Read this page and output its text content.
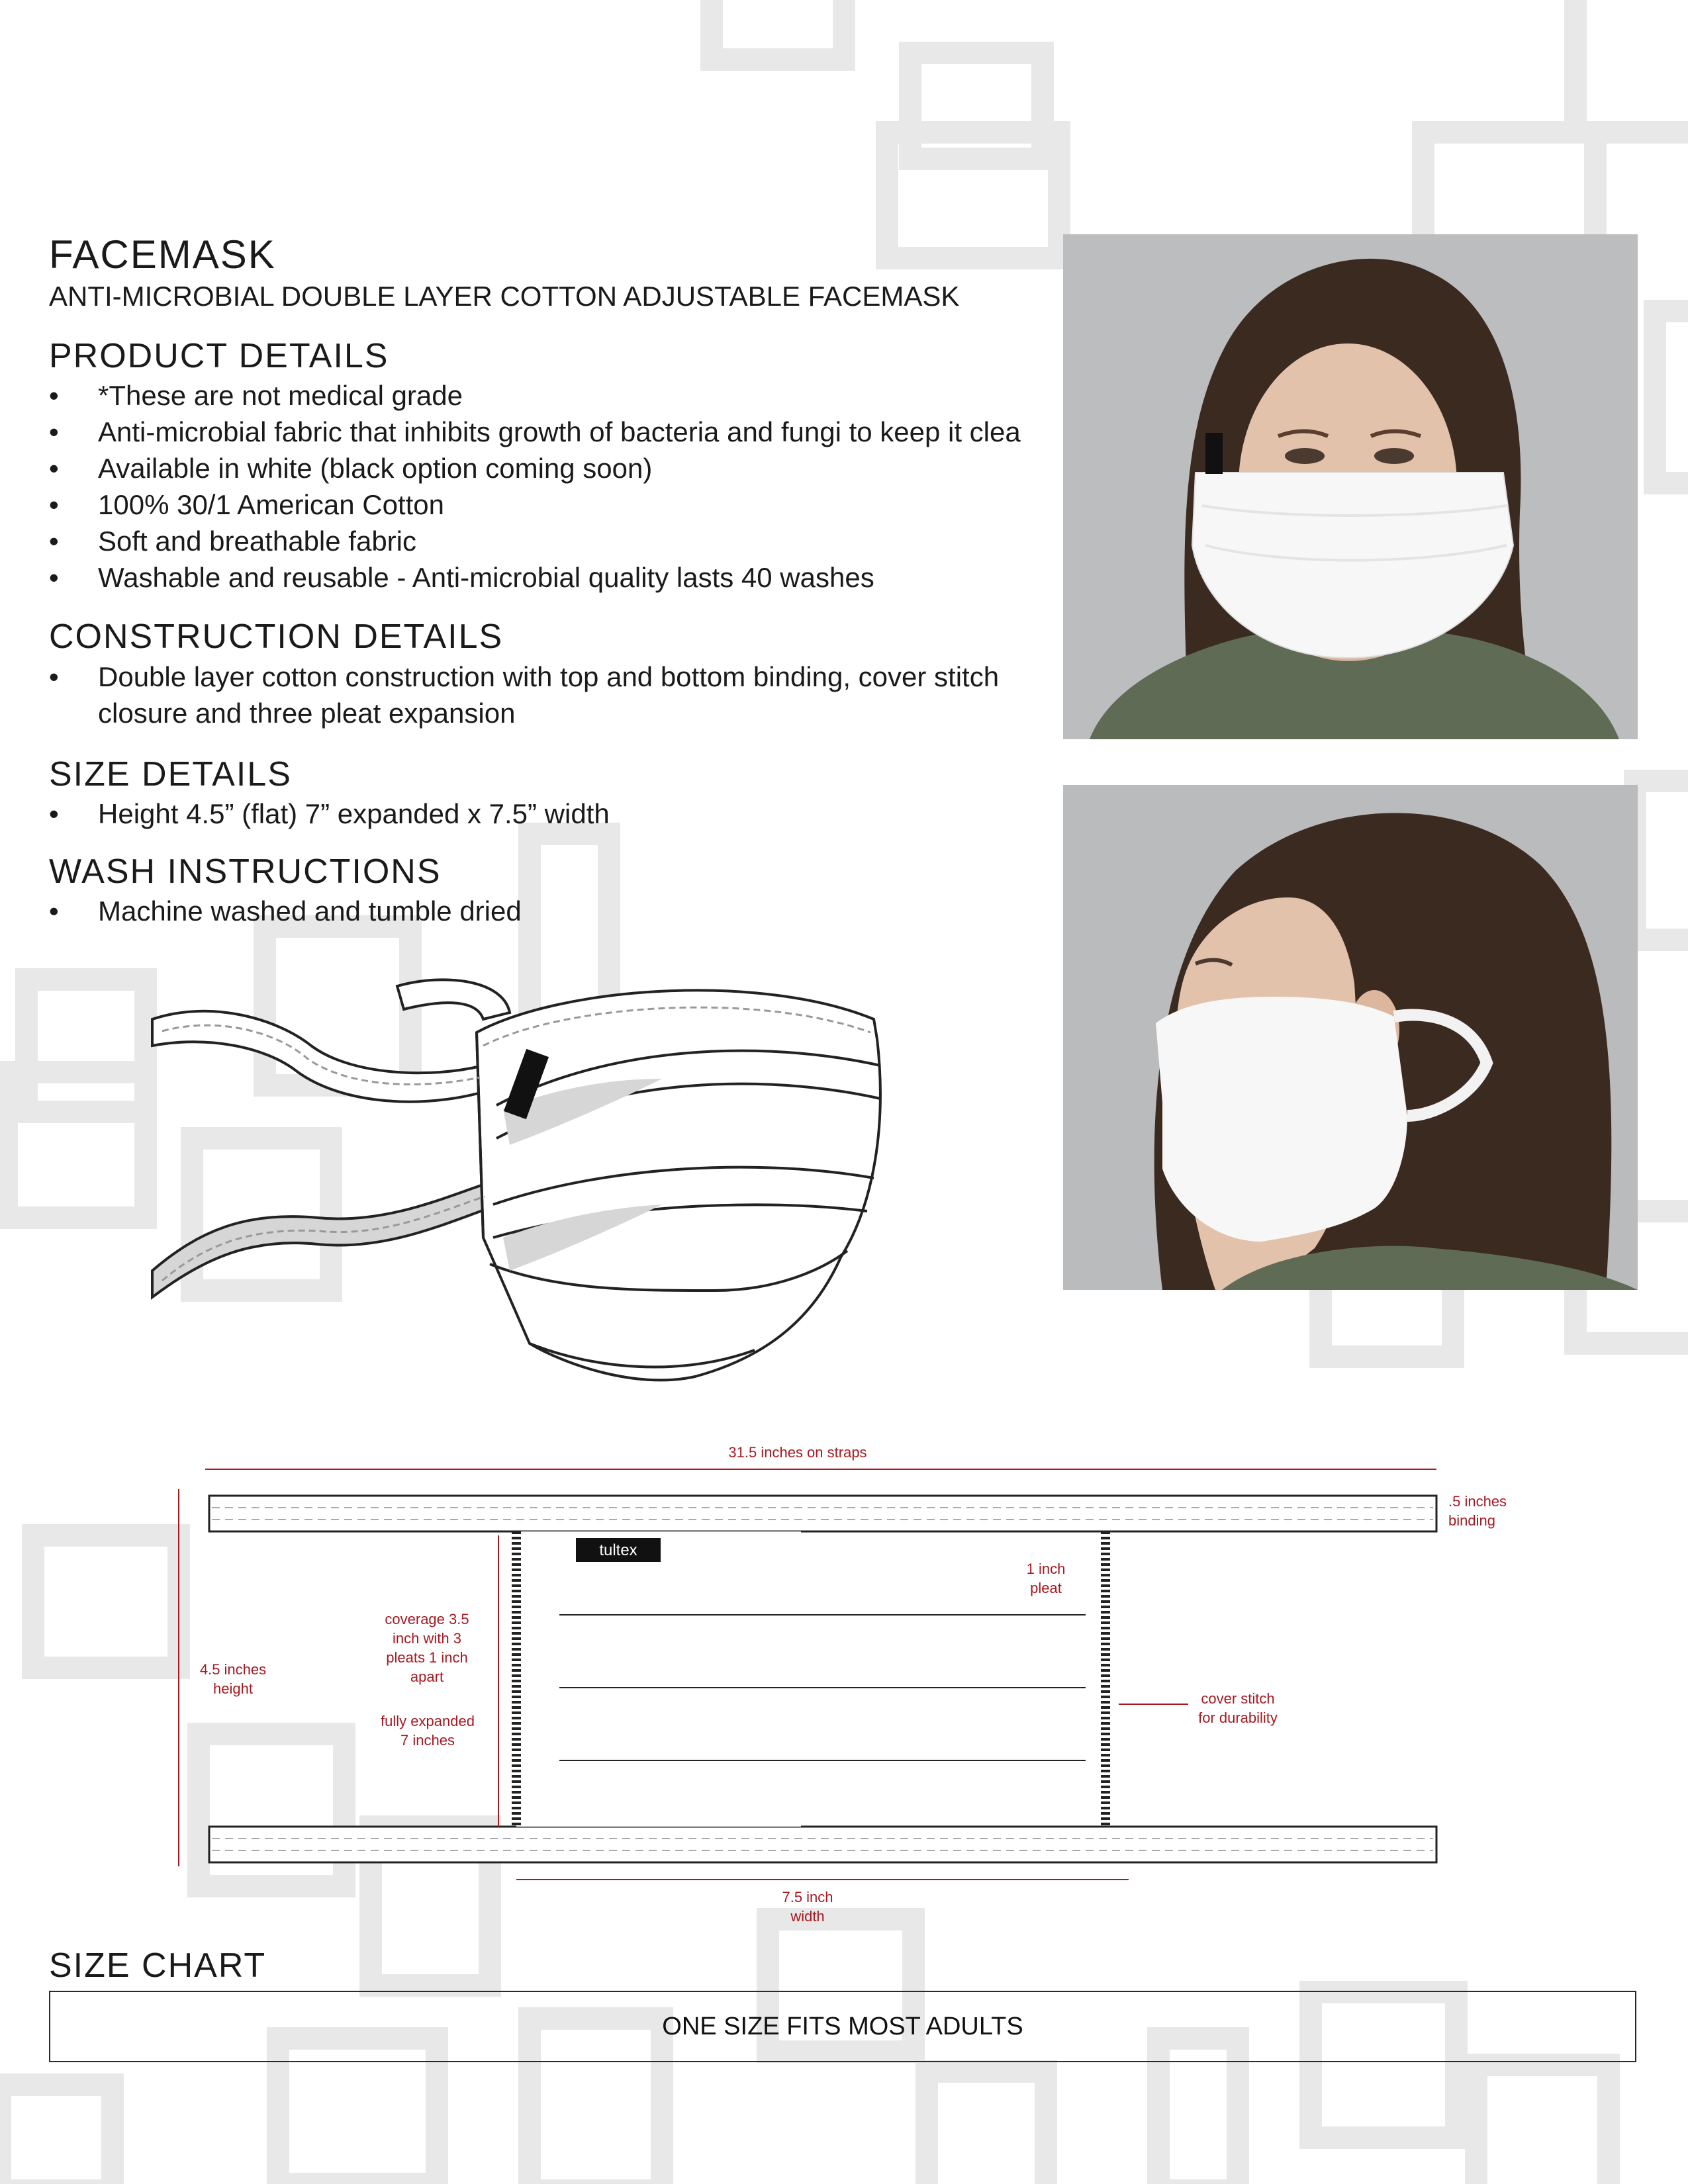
FACEMASK
ANTI-MICROBIAL DOUBLE LAYER COTTON ADJUSTABLE FACEMASK
PRODUCT DETAILS
• *These are not medical grade
• Anti-microbial fabric that inhibits growth of bacteria and fungi to keep it clea
• Available in white (black option coming soon)
• 100% 30/1 American Cotton
• Soft and breathable fabric
• Washable and reusable - Anti-microbial quality lasts 40 washes
CONSTRUCTION DETAILS
• Double layer cotton construction with top and bottom binding, cover stitch closure and three pleat expansion
SIZE DETAILS
• Height 4.5” (flat) 7” expanded x 7.5” width
WASH INSTRUCTIONS
• Machine washed and tumble dried
tultex
31.5 inches on straps
.5 inches binding
1 inch pleat
coverage 3.5 inch with 3 pleats 1 inch apart
fully expanded 7 inches
4.5 inches height
cover stitch for durability
7.5 inch width
SIZE CHART
ONE SIZE FITS MOST ADULTS
